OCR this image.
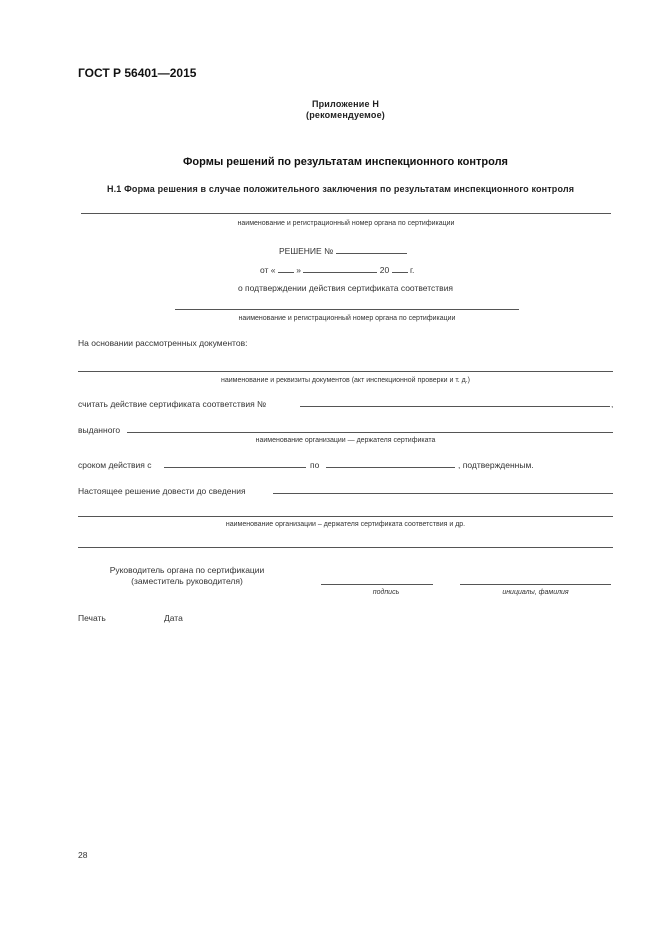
ГОСТ Р 56401—2015
Приложение Н
(рекомендуемое)
Формы решений по результатам инспекционного контроля
Н.1 Форма решения в случае положительного заключения по результатам инспекционного контроля
наименование и регистрационный номер органа по сертификации
РЕШЕНИЕ №
от « »	20 г.
о подтверждении действия сертификата соответствия
наименование и регистрационный номер органа по сертификации
На основании рассмотренных документов:
наименование и реквизиты документов (акт инспекционной проверки и т. д.)
считать действие сертификата соответствия №	,
выданного
наименование организации — держателя сертификата
сроком действия с	по	, подтвержденным.
Настоящее решение довести до сведения
наименование организации – держателя сертификата соответствия и др.
Руководитель органа по сертификации
(заместитель руководителя)
подпись	инициалы, фамилия
Печать	Дата
28
